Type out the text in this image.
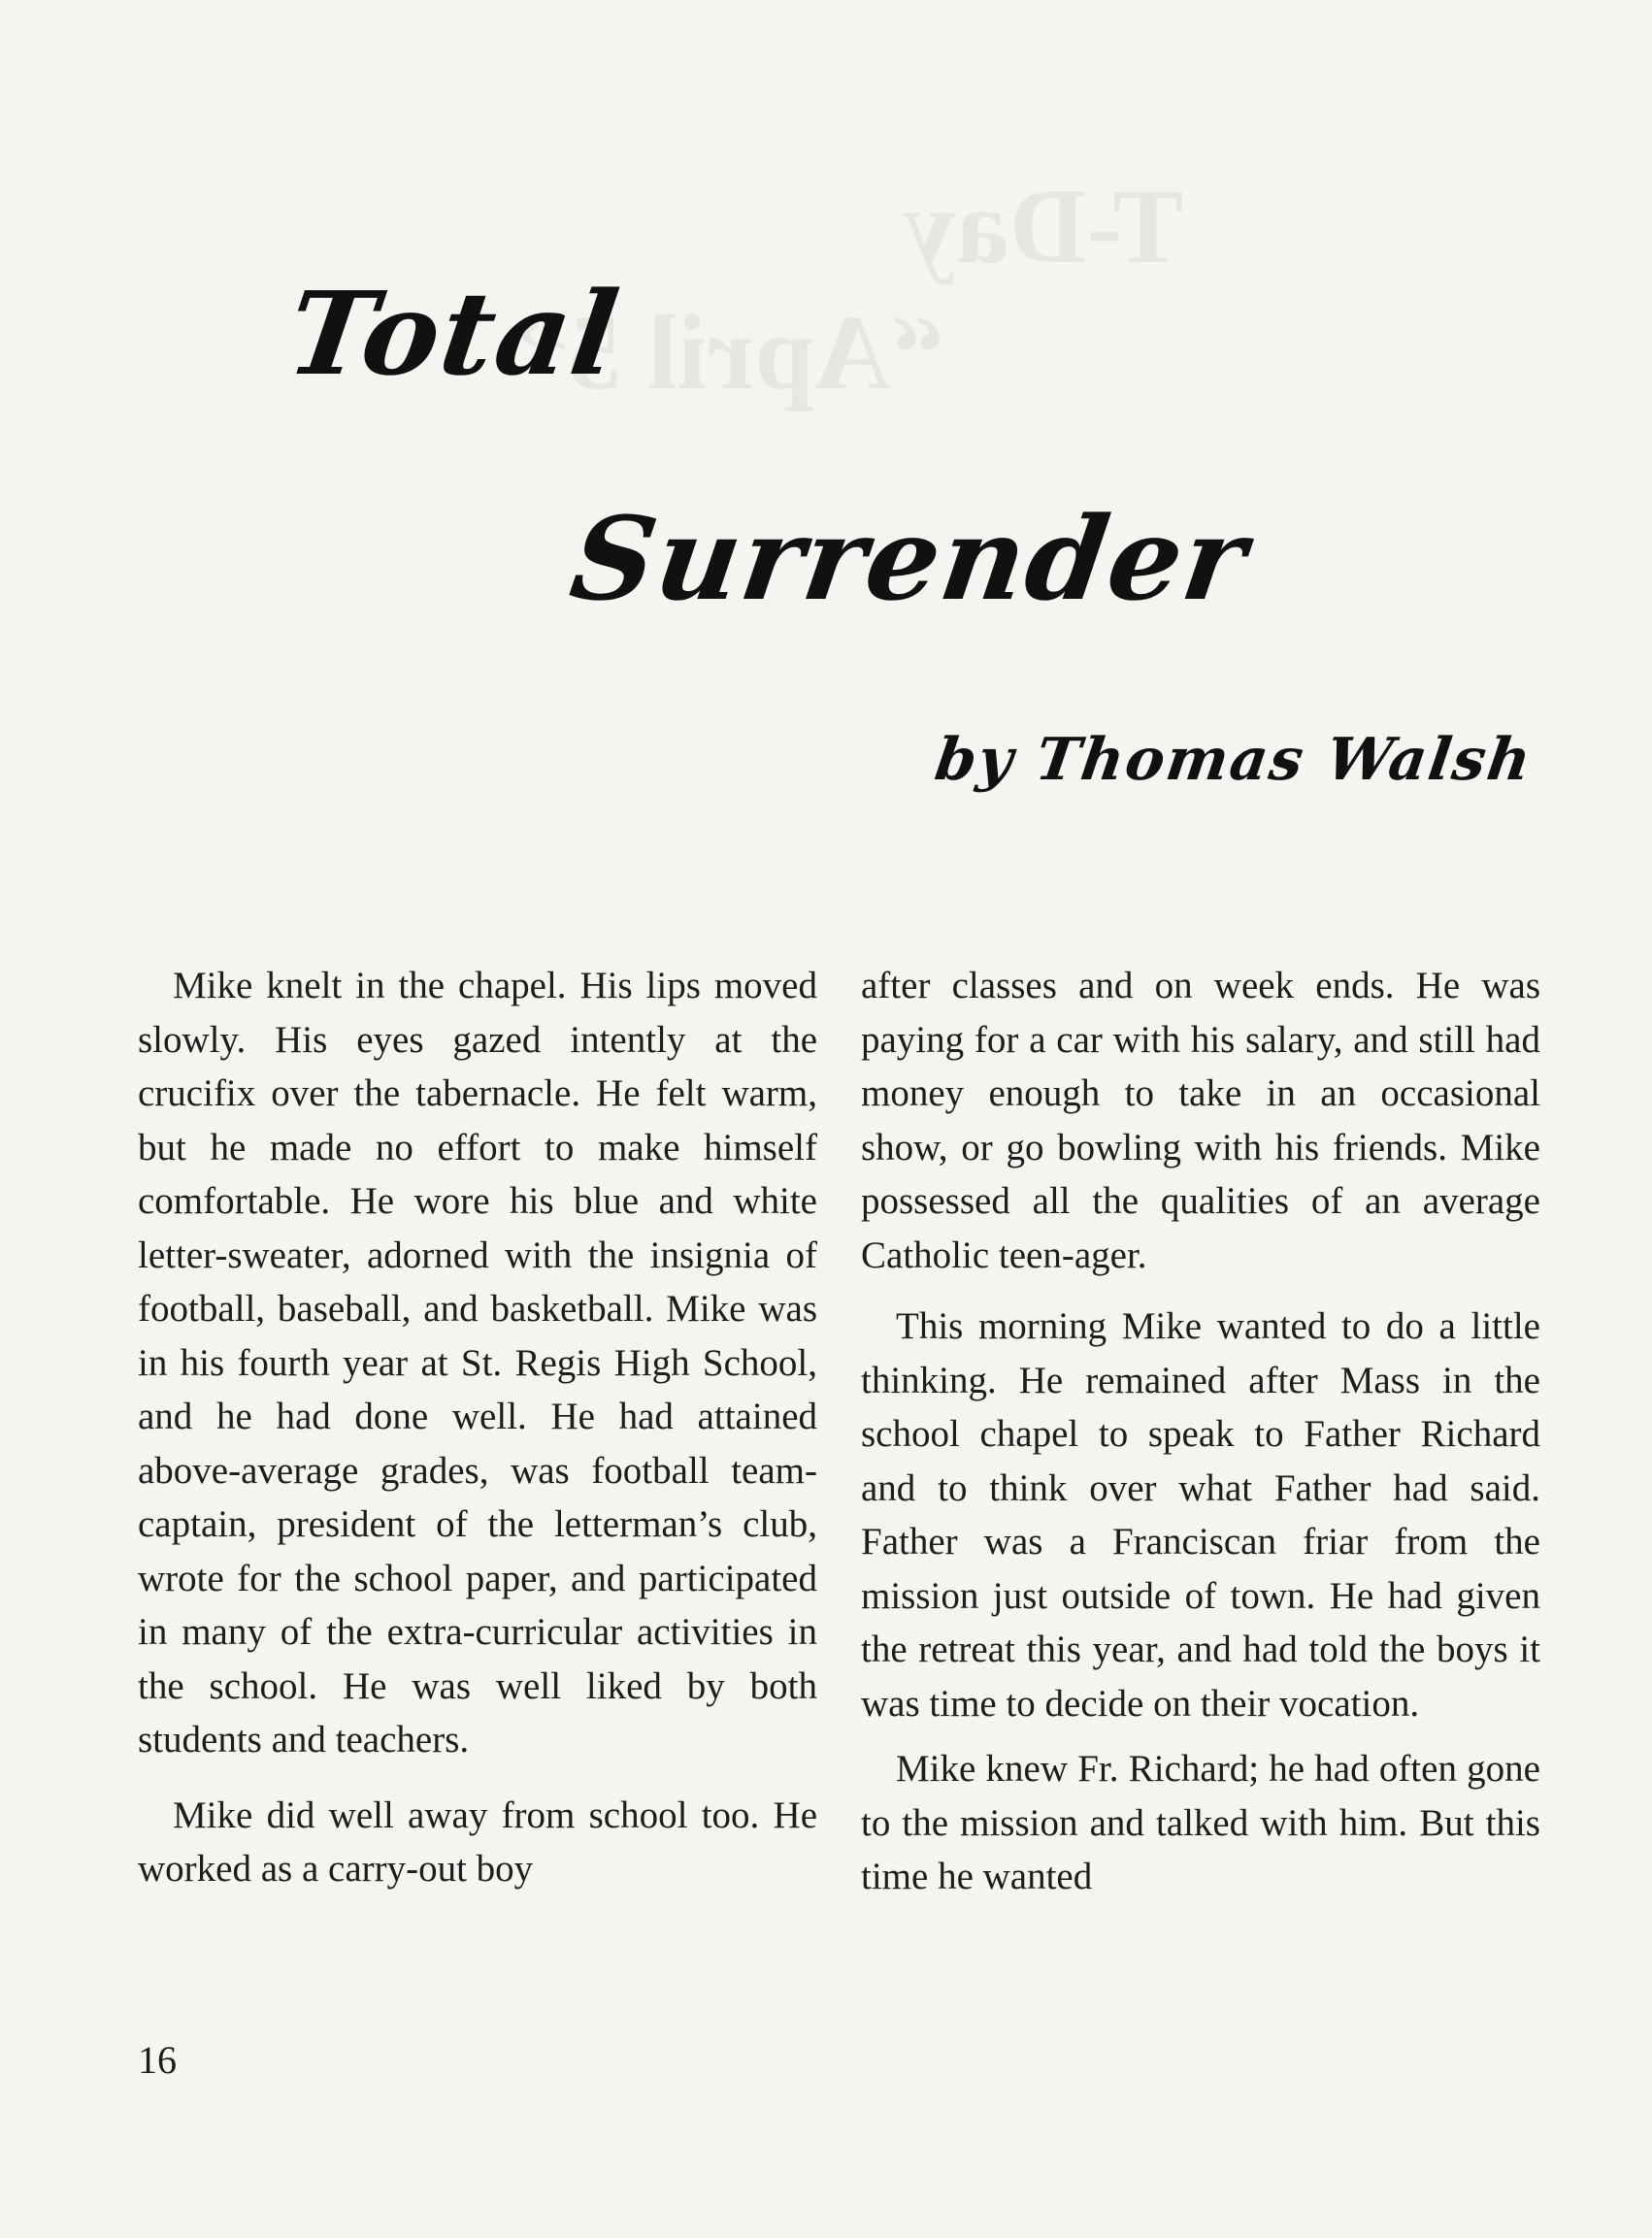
T-Day
“April 5”
Total
Surrender
by Thomas Walsh

Mike knelt in the chapel. His lips moved slowly. His eyes gazed intently at the crucifix over the tabernacle. He felt warm, but he made no effort to make himself comfortable. He wore his blue and white letter-sweater, adorned with the insignia of football, baseball, and basketball. Mike was in his fourth year at St. Regis High School, and he had done well. He had attained above-average grades, was football team-captain, president of the letterman’s club, wrote for the school paper, and participated in many of the extra-curricular activities in the school. He was well liked by both students and teachers.

Mike did well away from school too. He worked as a carry-out boy

after classes and on week ends. He was paying for a car with his salary, and still had money enough to take in an occasional show, or go bowling with his friends. Mike possessed all the qualities of an average Catholic teen-ager.

This morning Mike wanted to do a little thinking. He remained after Mass in the school chapel to speak to Father Richard and to think over what Father had said. Father was a Franciscan friar from the mission just outside of town. He had given the retreat this year, and had told the boys it was time to decide on their vocation.

Mike knew Fr. Richard; he had often gone to the mission and talked with him. But this time he wanted

16
